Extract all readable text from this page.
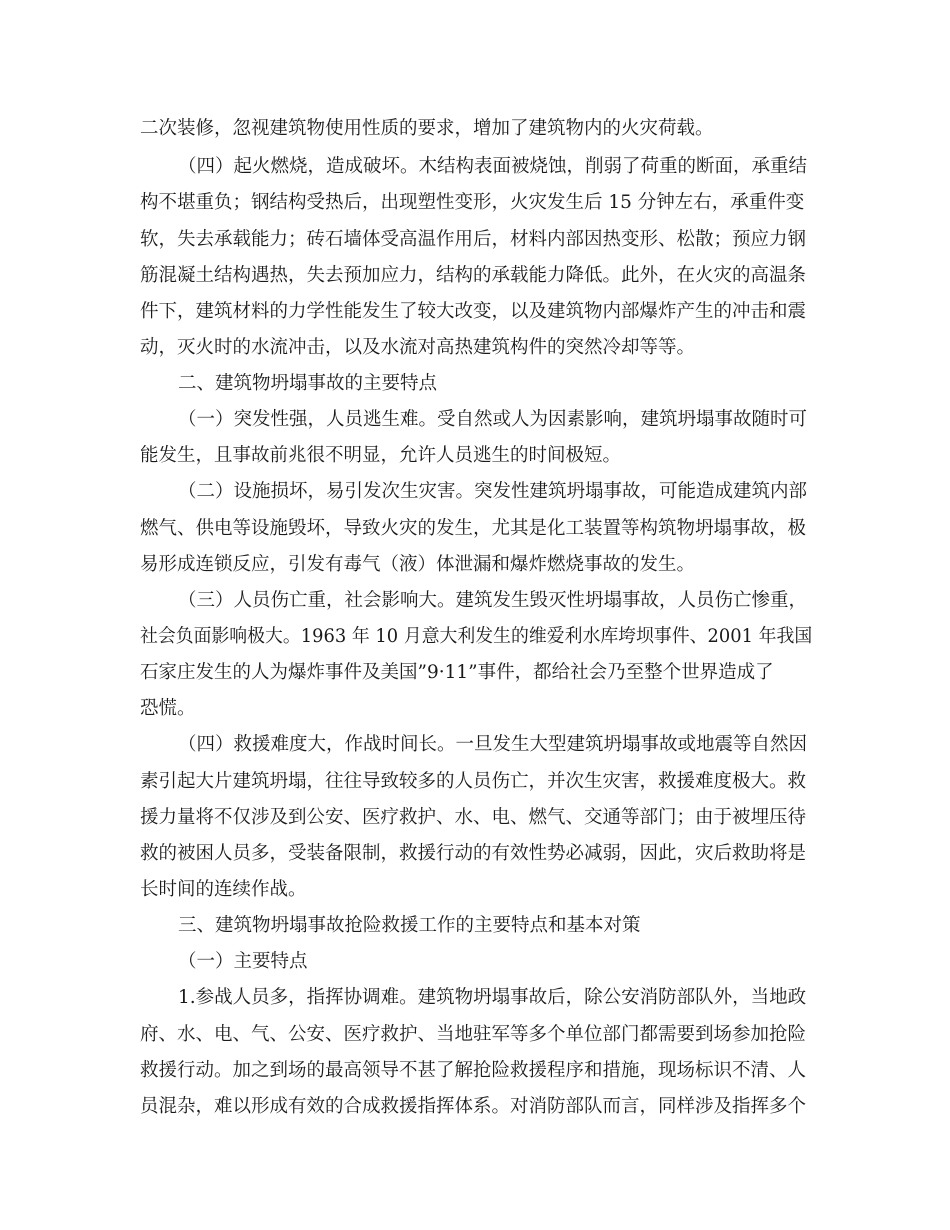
二次装修，忽视建筑物使用性质的要求，增加了建筑物内的火灾荷载。
（四）起火燃烧，造成破坏。木结构表面被烧蚀，削弱了荷重的断面，承重结
构不堪重负；钢结构受热后，出现塑性变形，火灾发生后 15 分钟左右，承重件变
软，失去承载能力；砖石墙体受高温作用后，材料内部因热变形、松散；预应力钢
筋混凝土结构遇热，失去预加应力，结构的承载能力降低。此外，在火灾的高温条
件下，建筑材料的力学性能发生了较大改变，以及建筑物内部爆炸产生的冲击和震
动，灭火时的水流冲击，以及水流对高热建筑构件的突然冷却等等。
二、建筑物坍塌事故的主要特点
（一）突发性强，人员逃生难。受自然或人为因素影响，建筑坍塌事故随时可
能发生，且事故前兆很不明显，允许人员逃生的时间极短。
（二）设施损坏，易引发次生灾害。突发性建筑坍塌事故，可能造成建筑内部
燃气、供电等设施毁坏，导致火灾的发生，尤其是化工装置等构筑物坍塌事故，极
易形成连锁反应，引发有毒气（液）体泄漏和爆炸燃烧事故的发生。
（三）人员伤亡重，社会影响大。建筑发生毁灭性坍塌事故，人员伤亡惨重，
社会负面影响极大。1963 年 10 月意大利发生的维爱利水库垮坝事件、2001 年我国
石家庄发生的人为爆炸事件及美国”9·11”事件，都给社会乃至整个世界造成了
恐慌。
（四）救援难度大，作战时间长。一旦发生大型建筑坍塌事故或地震等自然因
素引起大片建筑坍塌，往往导致较多的人员伤亡，并次生灾害，救援难度极大。救
援力量将不仅涉及到公安、医疗救护、水、电、燃气、交通等部门；由于被埋压待
救的被困人员多，受装备限制，救援行动的有效性势必减弱，因此，灾后救助将是
长时间的连续作战。
三、建筑物坍塌事故抢险救援工作的主要特点和基本对策
（一）主要特点
1.参战人员多，指挥协调难。建筑物坍塌事故后，除公安消防部队外，当地政
府、水、电、气、公安、医疗救护、当地驻军等多个单位部门都需要到场参加抢险
救援行动。加之到场的最高领导不甚了解抢险救援程序和措施，现场标识不清、人
员混杂，难以形成有效的合成救援指挥体系。对消防部队而言，同样涉及指挥多个
